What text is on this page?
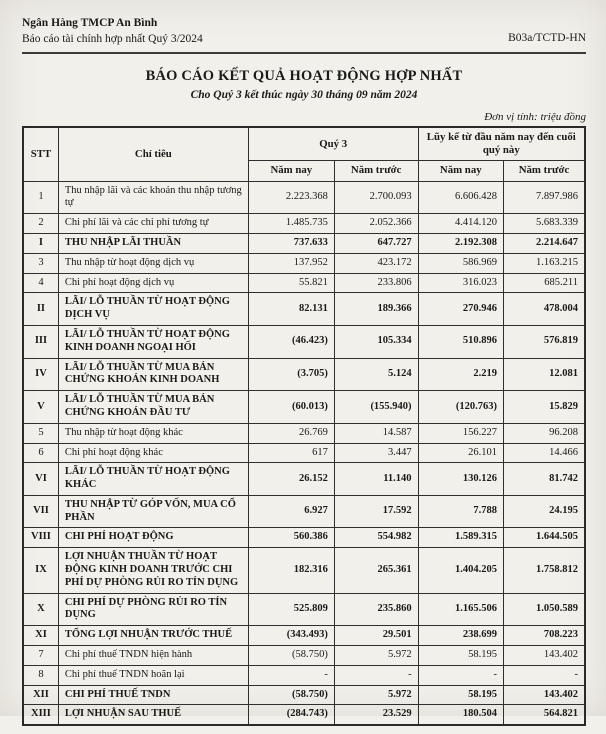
Ngân Hàng TMCP An Bình
Báo cáo tài chính hợp nhất Quý 3/2024	B03a/TCTD-HN
BÁO CÁO KẾT QUẢ HOẠT ĐỘNG HỢP NHẤT
Cho Quý 3 kết thúc ngày 30 tháng 09 năm 2024
Đơn vị tính: triệu đồng
STT	Chỉ tiêu	Quý 3		Lũy kế từ đầu năm nay đến cuối quý này	
		Năm nay	Năm trước	Năm nay	Năm trước
1	Thu nhập lãi và các khoản thu nhập tương tự	2.223.368	2.700.093	6.606.428	7.897.986
2	Chi phí lãi và các chi phí tương tự	1.485.735	2.052.366	4.414.120	5.683.339
I	THU NHẬP LÃI THUẦN	737.633	647.727	2.192.308	2.214.647
3	Thu nhập từ hoạt động dịch vụ	137.952	423.172	586.969	1.163.215
4	Chi phí hoạt động dịch vụ	55.821	233.806	316.023	685.211
II	LÃI/ LỖ THUẦN TỪ HOẠT ĐỘNG DỊCH VỤ	82.131	189.366	270.946	478.004
III	LÃI/ LỖ THUẦN TỪ HOẠT ĐỘNG KINH DOANH NGOẠI HỐI	(46.423)	105.334	510.896	576.819
IV	LÃI/ LỖ THUẦN TỪ MUA BÁN CHỨNG KHOÁN KINH DOANH	(3.705)	5.124	2.219	12.081
V	LÃI/ LỖ THUẦN TỪ MUA BÁN CHỨNG KHOÁN ĐẦU TƯ	(60.013)	(155.940)	(120.763)	15.829
5	Thu nhập từ hoạt động khác	26.769	14.587	156.227	96.208
6	Chi phí hoạt động khác	617	3.447	26.101	14.466
VI	LÃI/ LỖ THUẦN TỪ HOẠT ĐỘNG KHÁC	26.152	11.140	130.126	81.742
VII	THU NHẬP TỪ GÓP VỐN, MUA CỔ PHẦN	6.927	17.592	7.788	24.195
VIII	CHI PHÍ HOẠT ĐỘNG	560.386	554.982	1.589.315	1.644.505
IX	LỢI NHUẬN THUẦN TỪ HOẠT ĐỘNG KINH DOANH TRƯỚC CHI PHÍ DỰ PHÒNG RỦI RO TÍN DỤNG	182.316	265.361	1.404.205	1.758.812
X	CHI PHÍ DỰ PHÒNG RỦI RO TÍN DỤNG	525.809	235.860	1.165.506	1.050.589
XI	TỔNG LỢI NHUẬN TRƯỚC THUẾ	(343.493)	29.501	238.699	708.223
7	Chi phí thuế TNDN hiện hành	(58.750)	5.972	58.195	143.402
8	Chi phí thuế TNDN hoãn lại	-	-	-	-
XII	CHI PHÍ THUẾ TNDN	(58.750)	5.972	58.195	143.402
XIII	LỢI NHUẬN SAU THUẾ	(284.743)	23.529	180.504	564.821
